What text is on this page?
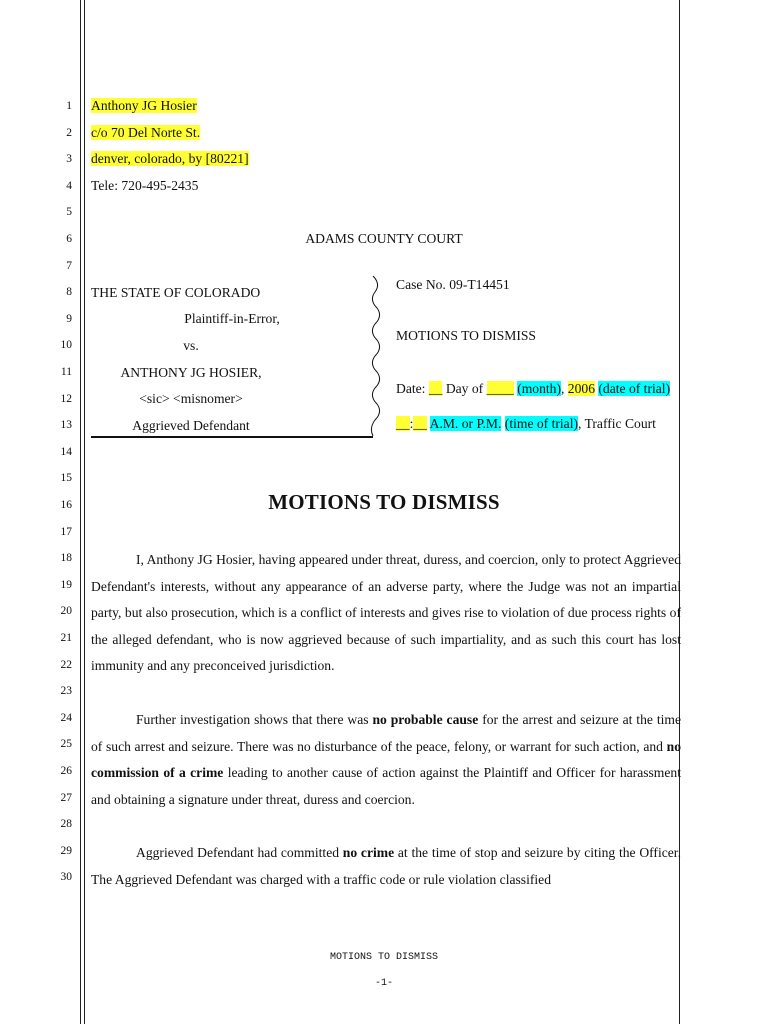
1
2
3
4
5
6
7
8
9
10
11
12
13
14
15
16
17
18
19
20
21
22
23
24
25
26
27
28
29
30
Anthony JG Hosier
c/o 70 Del Norte St.
denver, colorado, by [80221]
Tele: 720-495-2435
ADAMS COUNTY COURT
THE STATE OF COLORADO
Plaintiff-in-Error,
vs.
ANTHONY JG HOSIER,
<sic> <misnomer>
Aggrieved Defendant
Case No. 09-T14451
MOTIONS TO DISMISS
Date: __ Day of ____ (month), 2006 (date of trial)
__:__ A.M. or P.M. (time of trial), Traffic Court
MOTIONS TO DISMISS
I, Anthony JG Hosier, having appeared under threat, duress, and coercion, only to protect Aggrieved Defendant's interests, without any appearance of an adverse party, where the Judge was not an impartial party, but also prosecution, which is a conflict of interests and gives rise to violation of due process rights of the alleged defendant, who is now aggrieved because of such impartiality, and as such this court has lost immunity and any preconceived jurisdiction.
Further investigation shows that there was no probable cause for the arrest and seizure at the time of such arrest and seizure. There was no disturbance of the peace, felony, or warrant for such action, and no commission of a crime leading to another cause of action against the Plaintiff and Officer for harassment and obtaining a signature under threat, duress and coercion.
Aggrieved Defendant had committed no crime at the time of stop and seizure by citing the Officer. The Aggrieved Defendant was charged with a traffic code or rule violation classified
MOTIONS TO DISMISS
-1-
